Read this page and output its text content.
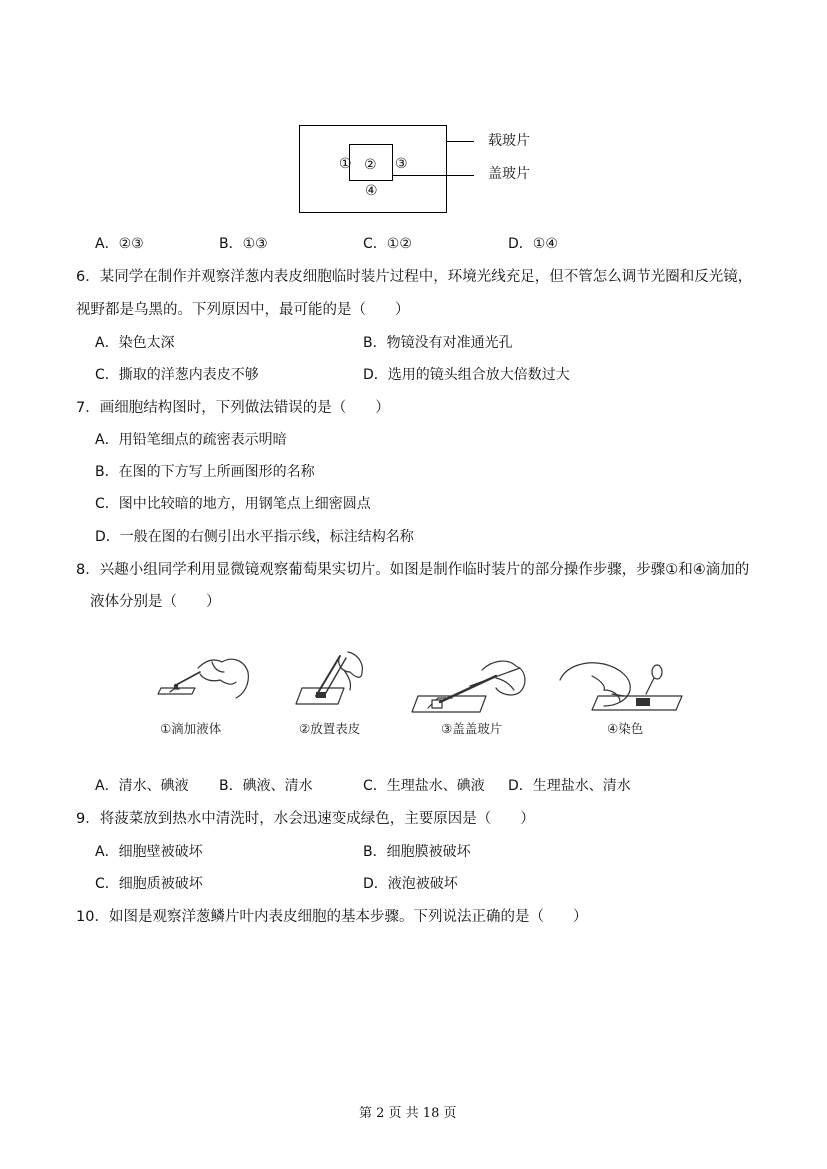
① ② ③
④
载玻片
盖玻片
A．②③	B．①③	C．①②	D．①④
6．某同学在制作并观察洋葱内表皮细胞临时装片过程中，环境光线充足，但不管怎么调节光圈和反光镜，
视野都是乌黑的。下列原因中，最可能的是（　　）
A．染色太深	B．物镜没有对准通光孔
C．撕取的洋葱内表皮不够	D．选用的镜头组合放大倍数过大
7．画细胞结构图时，下列做法错误的是（　　）
A．用铅笔细点的疏密表示明暗
B．在图的下方写上所画图形的名称
C．图中比较暗的地方，用钢笔点上细密圆点
D．一般在图的右侧引出水平指示线，标注结构名称
8．兴趣小组同学利用显微镜观察葡萄果实切片。如图是制作临时装片的部分操作步骤，步骤①和④滴加的
液体分别是（　　）
①滴加液体	②放置表皮	③盖盖玻片	④染色
A．清水、碘液 B．碘液、清水	C．生理盐水、碘液 D．生理盐水、清水
9．将菠菜放到热水中清洗时，水会迅速变成绿色，主要原因是（　　）
A．细胞壁被破坏	B．细胞膜被破坏
C．细胞质被破坏	D．液泡被破坏
10．如图是观察洋葱鳞片叶内表皮细胞的基本步骤。下列说法正确的是（　　）
第 2 页 共 18 页
